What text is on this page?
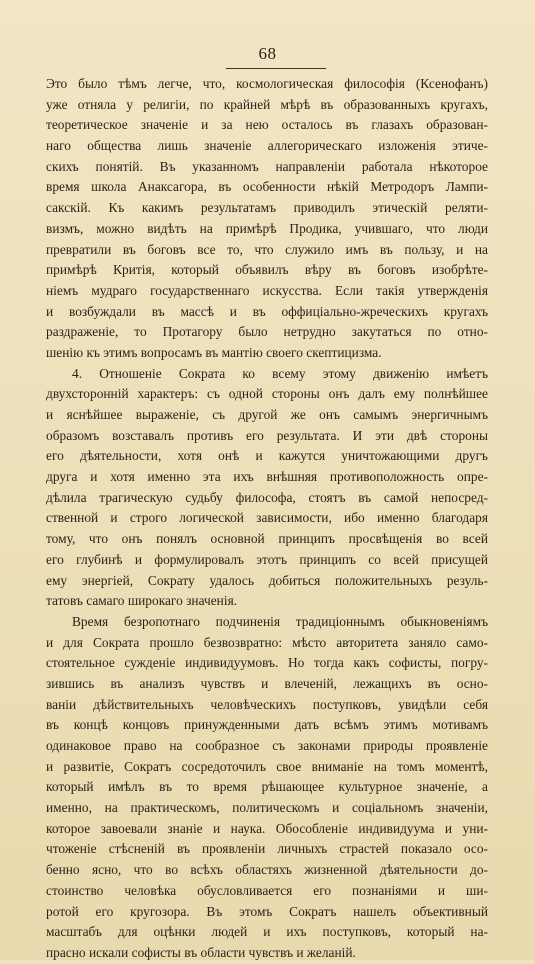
68
Это было тѣмъ легче, что, космологическая философія (Ксенофанъ)
уже отняла у религіи, по крайней мѣрѣ въ образованныхъ кругахъ,
теоретическое значеніе и за нею осталось въ глазахъ образован-
наго общества лишь значеніе аллегорическаго изложенія этиче-
скихъ понятій. Въ указанномъ направленіи работала нѣкоторое
время школа Анаксагора, въ особенности нѣкій Метродоръ Лампи-
сакскій. Къ какимъ результатамъ приводилъ этическій реляти-
визмъ, можно видѣть на примѣрѣ Продика, учившаго, что люди
превратили въ боговъ все то, что служило имъ въ пользу, и на
примѣрѣ Критія, который объявилъ вѣру въ боговъ изобрѣте-
ніемъ мудраго государственнаго искусства. Если такія утвержденія
и возбуждали въ массѣ и въ оффиціально-жреческихъ кругахъ
раздраженіе, то Протагору было нетрудно закутаться по отно-
шенію къ этимъ вопросамъ въ мантію своего скептицизма.
4. Отношеніе Сократа ко всему этому движенію имѣетъ
двухсторонній характеръ: съ одной стороны онъ далъ ему полнѣйшее
и яснѣйшее выраженіе, съ другой же онъ самымъ энергичнымъ
образомъ возставалъ противъ его результата. И эти двѣ стороны
его дѣятельности, хотя онѣ и кажутся уничтожающими другъ
друга и хотя именно эта ихъ внѣшняя противоположность опре-
дѣлила трагическую судьбу философа, стоятъ въ самой непосред-
ственной и строго логической зависимости, ибо именно благодаря
тому, что онъ понялъ основной принципъ просвѣщенія во всей
его глубинѣ и формулировалъ этотъ принципъ со всей присущей
ему энергіей, Сократу удалось добиться положительныхъ резуль-
татовъ самаго широкаго значенія.
Время безропотнаго подчиненія традиціоннымъ обыкновеніямъ
и для Сократа прошло безвозвратно: мѣсто авторитета заняло само-
стоятельное сужденіе индивидуумовъ. Но тогда какъ софисты, погру-
зившись въ анализъ чувствъ и влеченій, лежащихъ въ осно-
ваніи дѣйствительныхъ человѣческихъ поступковъ, увидѣли себя
въ концѣ концовъ принужденными дать всѣмъ этимъ мотивамъ
одинаковое право на сообразное съ законами природы проявленіе
и развитіе, Сократъ сосредоточилъ свое вниманіе на томъ моментѣ,
который имѣлъ въ то время рѣшающее культурное значеніе, а
именно, на практическомъ, политическомъ и соціальномъ значеніи,
которое завоевали знаніе и наука. Обособленіе индивидуума и уни-
чтоженіе стѣсненій въ проявленіи личныхъ страстей показало осо-
бенно ясно, что во всѣхъ областяхъ жизненной дѣятельности до-
стоинство человѣка обусловливается его познаніями и ши-
ротой его кругозора. Въ этомъ Сократъ нашелъ объективный
масштабъ для оцѣнки людей и ихъ поступковъ, который на-
прасно искали софисты въ области чувствъ и желаній.
